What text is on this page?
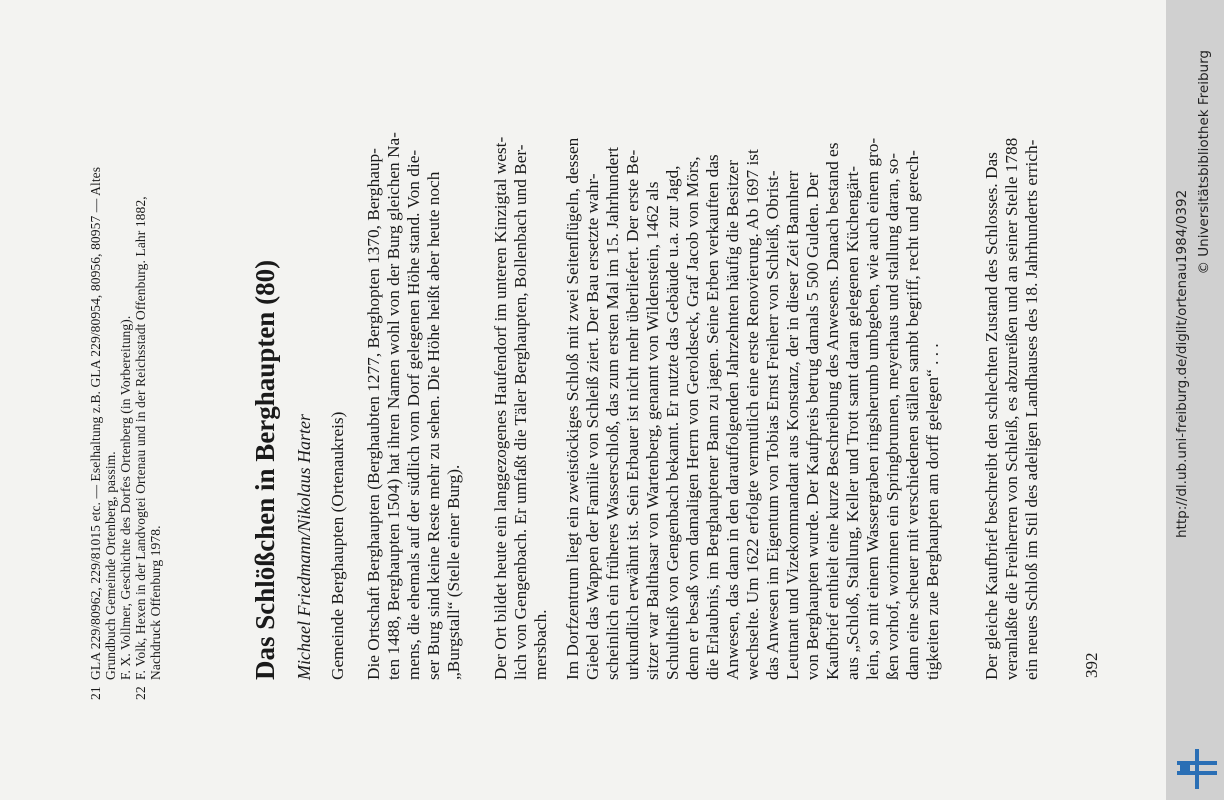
21
GLA 229/80962, 229/81015 etc. — Eselhaltung z.B. GLA 229/80954, 80956, 80957 — Altes Grundbuch Gemeinde Ortenberg, passim. F. X. Vollmer, Geschichte des Dorfes Ortenberg (in Vorbereitung).
22
F. Volk, Hexen in der Landvogtei Ortenau und in der Reichsstadt Offenburg. Lahr 1882, Nachdruck Offenburg 1978.	Das Schlößchen in Berghaupten (80) Michael Friedmann/Nikolaus Harter Gemeinde Berghaupten (Ortenaukreis) Die Ortschaft Berghaupten (Berghaubten 1277, Berghopten 1370, Berghaup- ten 1488, Berghaupten 1504) hat ihren Namen wohl von der Burg gleichen Na- mens, die ehemals auf der südlich vom Dorf gelegenen Höhe stand. Von die- ser Burg sind keine Reste mehr zu sehen. Die Höhe heißt aber heute noch „Burgstall“ (Stelle einer Burg). Der Ort bildet heute ein langgezogenes Haufendorf im unteren Kinzigtal west- lich von Gengenbach. Er umfaßt die Täler Berghaupten, Bollenbach und Ber- mersbach. Im Dorfzentrum liegt ein zweistöckiges Schloß mit zwei Seitenflügeln, dessen Giebel das Wappen der Familie von Schleiß ziert. Der Bau ersetzte wahr- scheinlich ein früheres Wasserschloß, das zum ersten Mal im 15. Jahrhundert urkundlich erwähnt ist. Sein Erbauer ist nicht mehr überliefert. Der erste Be- sitzer war Balthasar von Wartenberg, genannt von Wildenstein, 1462 als Schultheiß von Gengenbach bekannt. Er nutzte das Gebäude u.a. zur Jagd, denn er besaß vom damaligen Herrn von Geroldseck, Graf Jacob von Mörs, die Erlaubnis, im Berghauptener Bann zu jagen. Seine Erben verkauften das Anwesen, das dann in den darauffolgenden Jahrzehnten häufig die Besitzer wechselte. Um 1622 erfolgte vermutlich eine erste Renovierung. Ab 1697 ist das Anwesen im Eigentum von Tobias Ernst Freiherr von Schleiß, Obrist- Leutnant und Vizekommandant aus Konstanz, der in dieser Zeit Bannherr von Berghaupten wurde. Der Kaufpreis betrug damals 5 500 Gulden. Der Kaufbrief enthielt eine kurze Beschreibung des Anwesens. Danach bestand es aus „Schloß, Stallung, Keller und Trott samt daran gelegenen Küchengärt- lein, so mit einem Wassergraben ringsherumb umbgeben, wie auch einem gro- ßen vorhof, worinnen ein Springbrunnen, meyerhaus und stallung daran, so- dann eine scheuer mit verschiedenen ställen sambt begriff, recht und gerech- tigkeiten zue Berghaupten am dorff gelegen“ . . . Der gleiche Kaufbrief beschreibt den schlechten Zustand des Schlosses. Das veranlaßte die Freiherren von Schleiß, es abzureißen und an seiner Stelle 1788 ein neues Schloß im Stil des adeligen Landhauses des 18. Jahrhunderts errich- 392
http://dl.ub.uni-freiburg.de/diglit/ortenau1984/0392
© Universitätsbibliothek Freiburg
